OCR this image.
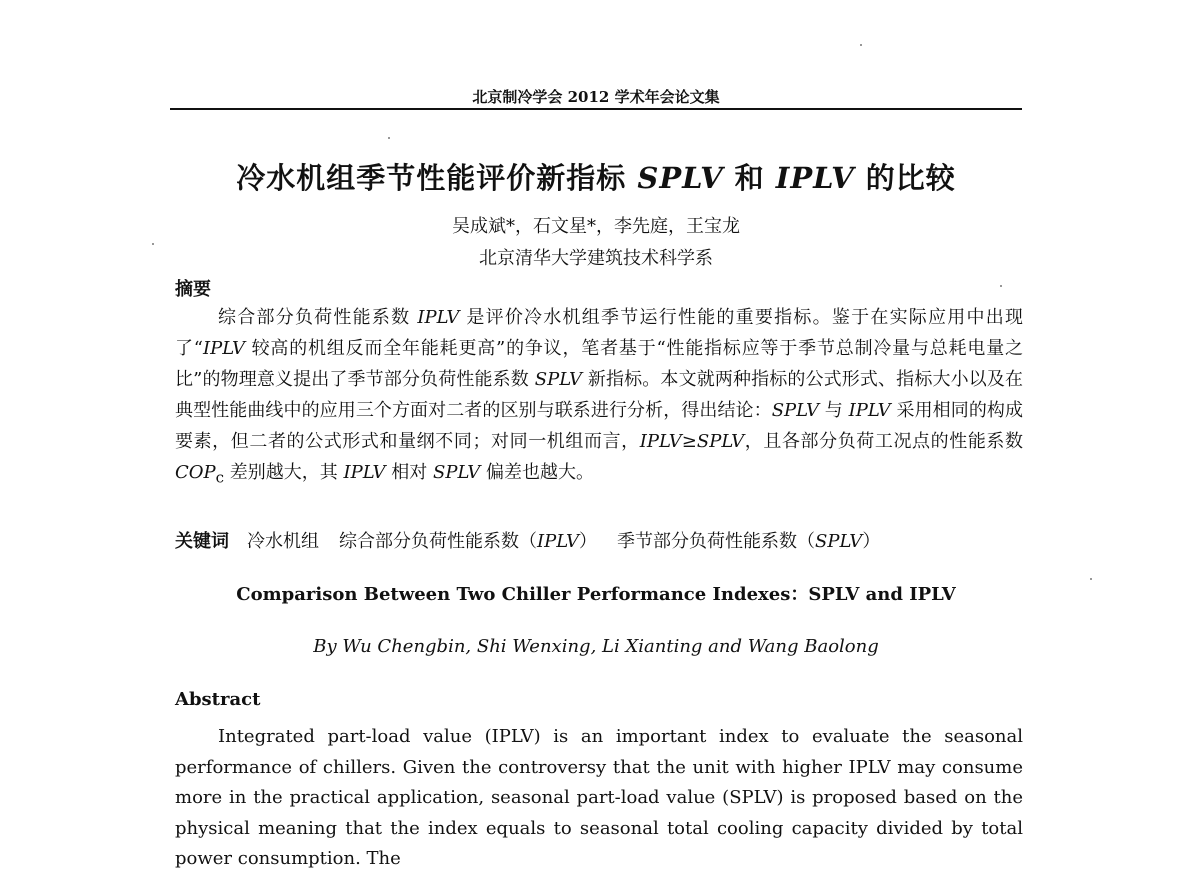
北京制冷学会 2012 学术年会论文集
冷水机组季节性能评价新指标 SPLV 和 IPLV 的比较
吴成斌*，石文星*，李先庭，王宝龙
北京清华大学建筑技术科学系
摘要
综合部分负荷性能系数 IPLV 是评价冷水机组季节运行性能的重要指标。鉴于在实际应用中出现了“IPLV 较高的机组反而全年能耗更高”的争议，笔者基于“性能指标应等于季节总制冷量与总耗电量之比”的物理意义提出了季节部分负荷性能系数 SPLV 新指标。本文就两种指标的公式形式、指标大小以及在典型性能曲线中的应用三个方面对二者的区别与联系进行分析，得出结论：SPLV 与 IPLV 采用相同的构成要素，但二者的公式形式和量纲不同；对同一机组而言，IPLV≥SPLV，且各部分负荷工况点的性能系数 $COP_c$ 差别越大，其 IPLV 相对 SPLV 偏差也越大。
关键词 冷水机组 综合部分负荷性能系数（IPLV） 季节部分负荷性能系数（SPLV）
Comparison Between Two Chiller Performance Indexes：SPLV and IPLV
By Wu Chengbin, Shi Wenxing, Li Xianting and Wang Baolong
Abstract
Integrated part-load value (IPLV) is an important index to evaluate the seasonal performance of chillers. Given the controversy that the unit with higher IPLV may consume more in the practical application, seasonal part-load value (SPLV) is proposed based on the physical meaning that the index equals to seasonal total cooling capacity divided by total power consumption. The
